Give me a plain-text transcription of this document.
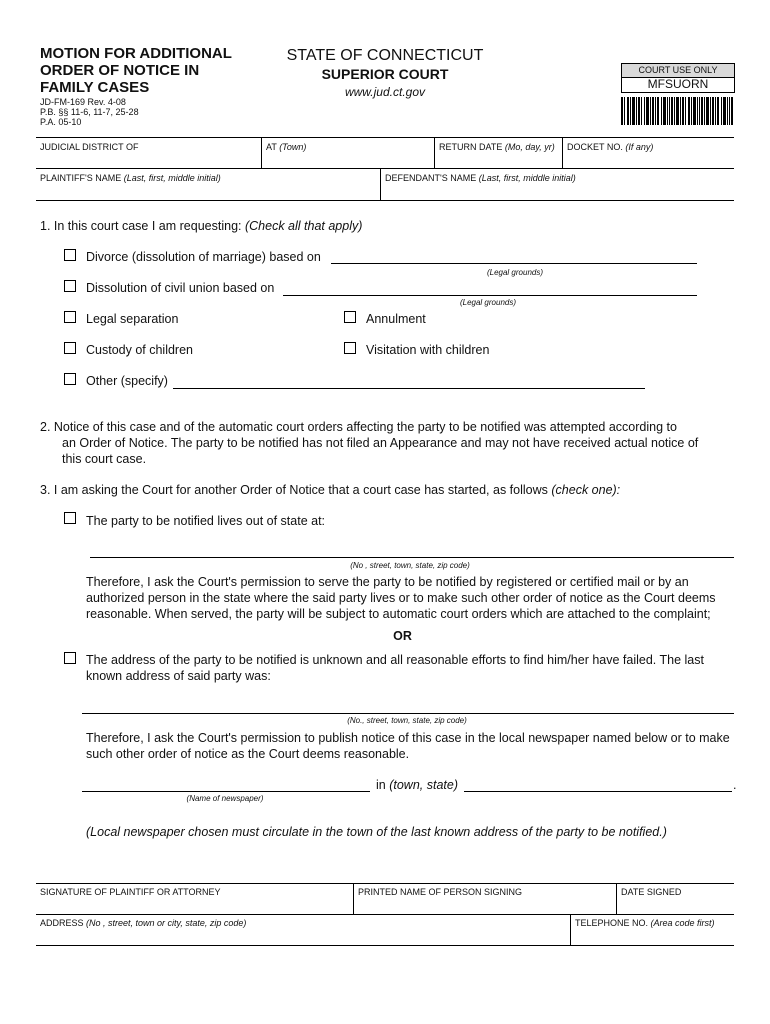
MOTION FOR ADDITIONAL
ORDER OF NOTICE IN
FAMILY CASES
JD-FM-169 Rev. 4-08
P.B. §§ 11-6, 11-7, 25-28
P.A. 05-10
STATE OF CONNECTICUT
SUPERIOR COURT
www.jud.ct.gov
COURT USE ONLY
MFSUORN
JUDICIAL DISTRICT OF	AT (Town)	RETURN DATE (Mo, day, yr) DOCKET NO. (If any)
PLAINTIFF'S NAME (Last, first, middle initial)	DEFENDANT'S NAME (Last, first, middle initial)
1. In this court case I am requesting: (Check all that apply)
Divorce (dissolution of marriage) based on
(Legal grounds)
Dissolution of civil union based on
(Legal grounds)
Legal separation	Annulment
Custody of children	Visitation with children
Other (specify)
2. Notice of this case and of the automatic court orders affecting the party to be notified was attempted according to
an Order of Notice. The party to be notified has not filed an Appearance and may not have received actual notice of
this court case.
3. I am asking the Court for another Order of Notice that a court case has started, as follows (check one):
The party to be notified lives out of state at:
(No , street, town, state, zip code)
Therefore, I ask the Court's permission to serve the party to be notified by registered or certified mail or by an
authorized person in the state where the said party lives or to make such other order of notice as the Court deems
reasonable. When served, the party will be subject to automatic court orders which are attached to the complaint;
OR
The address of the party to be notified is unknown and all reasonable efforts to find him/her have failed. The last
known address of said party was:
(No., street, town, state, zip code)
Therefore, I ask the Court's permission to publish notice of this case in the local newspaper named below or to make
such other order of notice as the Court deems reasonable.
in (town, state)	.
(Name of newspaper)
(Local newspaper chosen must circulate in the town of the last known address of the party to be notified.)
SIGNATURE OF PLAINTIFF OR ATTORNEY	PRINTED NAME OF PERSON SIGNING	DATE SIGNED
ADDRESS (No , street, town or city, state, zip code)	TELEPHONE NO. (Area code first)
